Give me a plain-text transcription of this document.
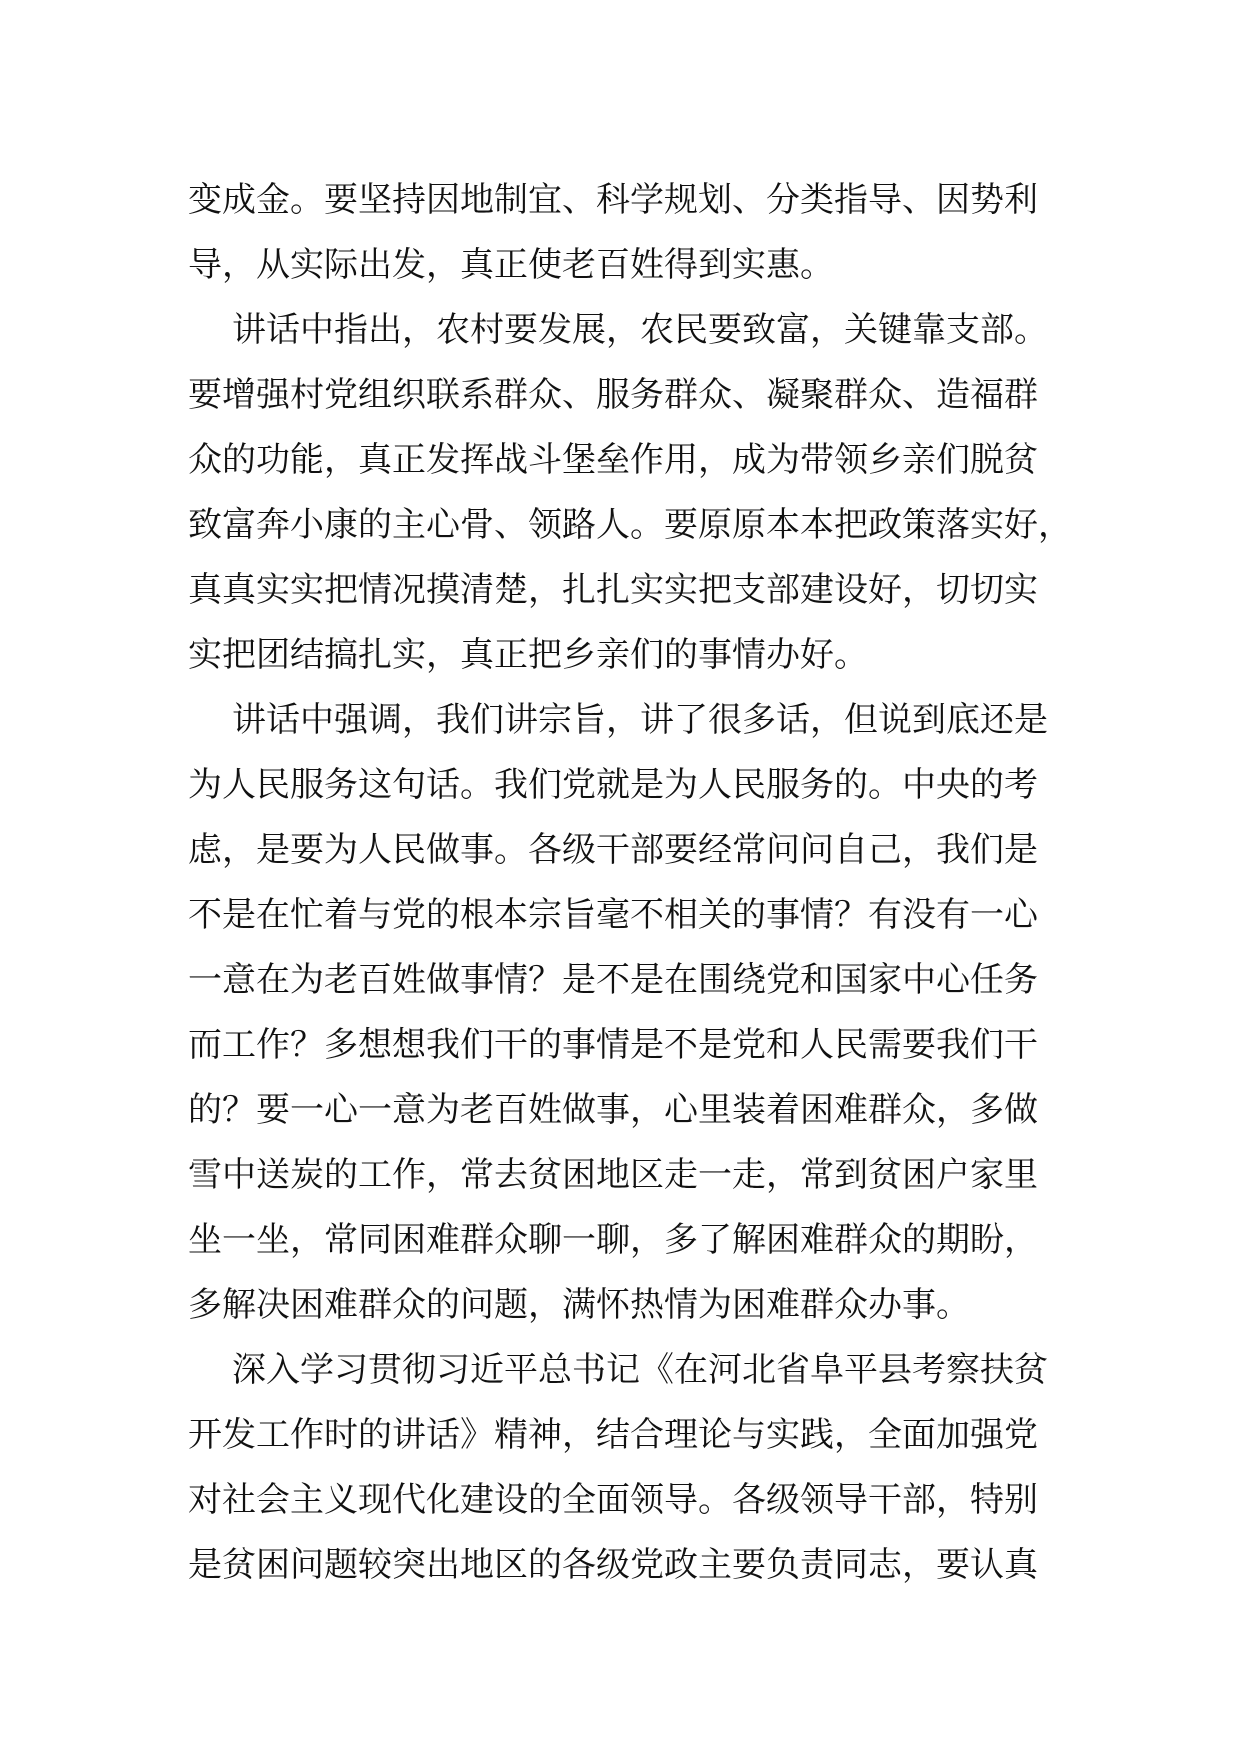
变成金。要坚持因地制宜、科学规划、分类指导、因势利
导，从实际出发，真正使老百姓得到实惠。
讲话中指出，农村要发展，农民要致富，关键靠支部。
要增强村党组织联系群众、服务群众、凝聚群众、造福群
众的功能，真正发挥战斗堡垒作用，成为带领乡亲们脱贫
致富奔小康的主心骨、领路人。要原原本本把政策落实好，
真真实实把情况摸清楚，扎扎实实把支部建设好，切切实
实把团结搞扎实，真正把乡亲们的事情办好。
讲话中强调，我们讲宗旨，讲了很多话，但说到底还是
为人民服务这句话。我们党就是为人民服务的。中央的考
虑，是要为人民做事。各级干部要经常问问自己，我们是
不是在忙着与党的根本宗旨毫不相关的事情？有没有一心
一意在为老百姓做事情？是不是在围绕党和国家中心任务
而工作？多想想我们干的事情是不是党和人民需要我们干
的？要一心一意为老百姓做事，心里装着困难群众，多做
雪中送炭的工作，常去贫困地区走一走，常到贫困户家里
坐一坐，常同困难群众聊一聊，多了解困难群众的期盼，
多解决困难群众的问题，满怀热情为困难群众办事。
深入学习贯彻习近平总书记《在河北省阜平县考察扶贫
开发工作时的讲话》精神，结合理论与实践，全面加强党
对社会主义现代化建设的全面领导。各级领导干部，特别
是贫困问题较突出地区的各级党政主要负责同志，要认真
